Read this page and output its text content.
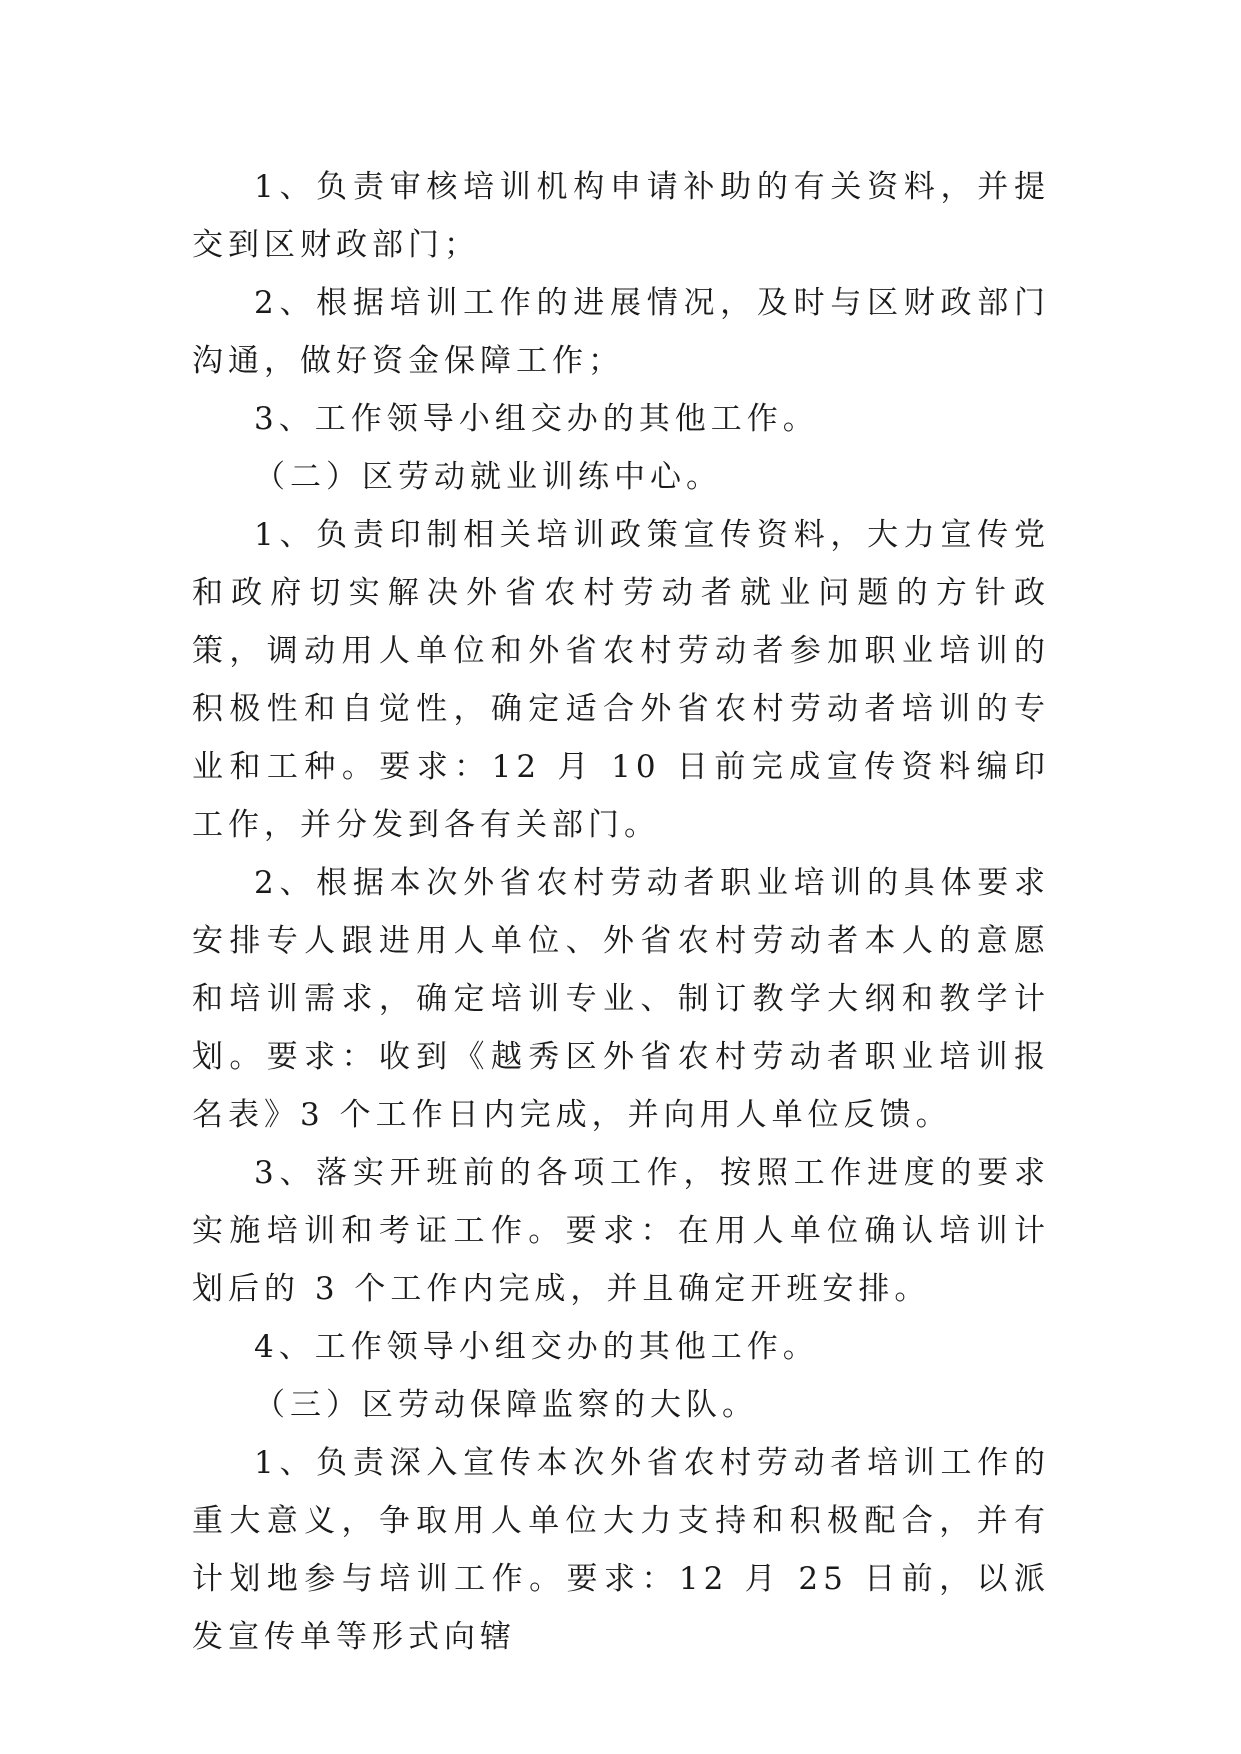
1、负责审核培训机构申请补助的有关资料，并提交到区财政部门；

2、根据培训工作的进展情况，及时与区财政部门沟通，做好资金保障工作；

3、工作领导小组交办的其他工作。

（二）区劳动就业训练中心。

1、负责印制相关培训政策宣传资料，大力宣传党和政府切实解决外省农村劳动者就业问题的方针政策，调动用人单位和外省农村劳动者参加职业培训的积极性和自觉性，确定适合外省农村劳动者培训的专业和工种。要求：12 月 10 日前完成宣传资料编印工作，并分发到各有关部门。

2、根据本次外省农村劳动者职业培训的具体要求安排专人跟进用人单位、外省农村劳动者本人的意愿和培训需求，确定培训专业、制订教学大纲和教学计划。要求：收到《越秀区外省农村劳动者职业培训报名表》3 个工作日内完成，并向用人单位反馈。

3、落实开班前的各项工作，按照工作进度的要求实施培训和考证工作。要求：在用人单位确认培训计划后的 3 个工作内完成，并且确定开班安排。

4、工作领导小组交办的其他工作。

（三）区劳动保障监察的大队。

1、负责深入宣传本次外省农村劳动者培训工作的重大意义，争取用人单位大力支持和积极配合，并有计划地参与培训工作。要求：12 月 25 日前，以派发宣传单等形式向辖
